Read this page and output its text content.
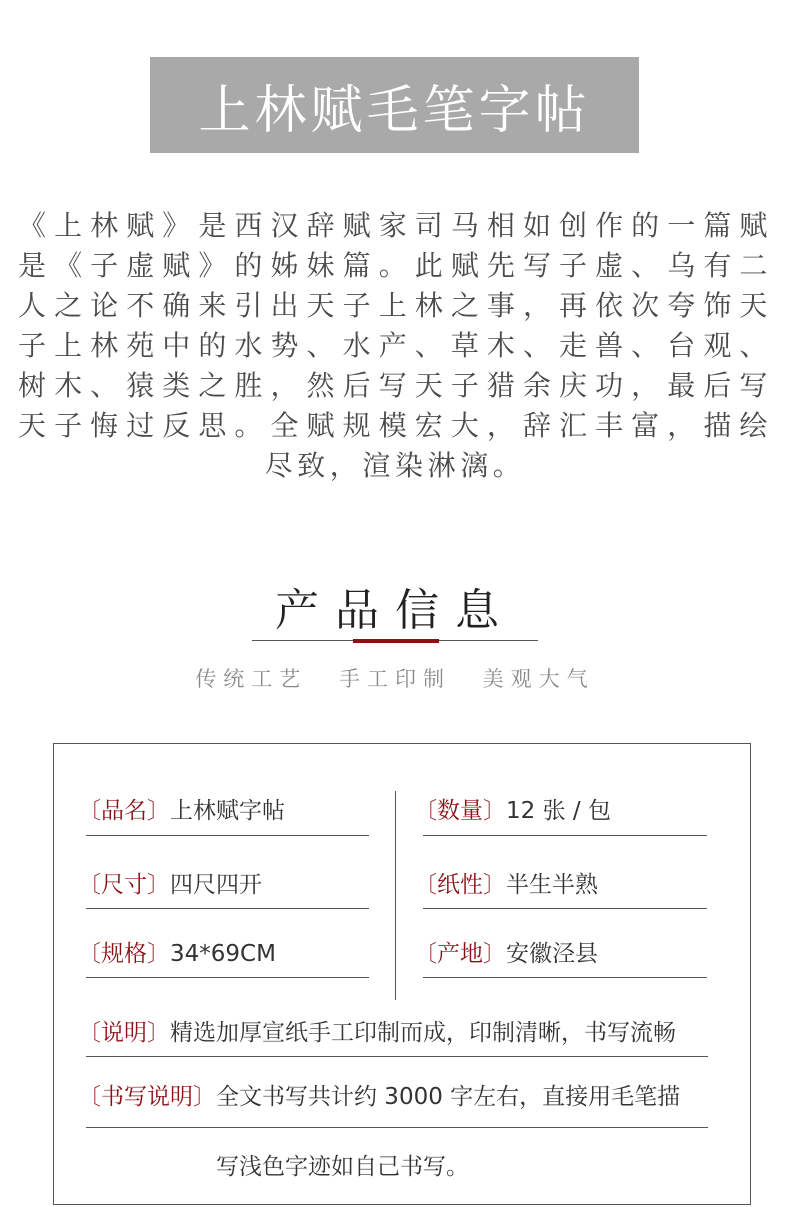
上林赋毛笔字帖
《上林赋》是西汉辞赋家司马相如创作的一篇赋
是《子虚赋》的姊妹篇。此赋先写子虚、乌有二
人之论不确来引出天子上林之事，再依次夸饰天
子上林苑中的水势、水产、草木、走兽、台观、
树木、猿类之胜，然后写天子猎余庆功，最后写
天子悔过反思。全赋规模宏大，辞汇丰富，描绘
尽致，渲染淋漓。
产品信息
传统工艺 手工印制 美观大气
〔品名〕上林赋字帖	〔数量〕12 张 / 包
〔尺寸〕四尺四开	〔纸性〕半生半熟
〔规格〕34*69CM	〔产地〕安徽泾县
〔说明〕精选加厚宣纸手工印制而成，印制清晰，书写流畅
〔书写说明〕全文书写共计约 3000 字左右，直接用毛笔描
写浅色字迹如自己书写。
